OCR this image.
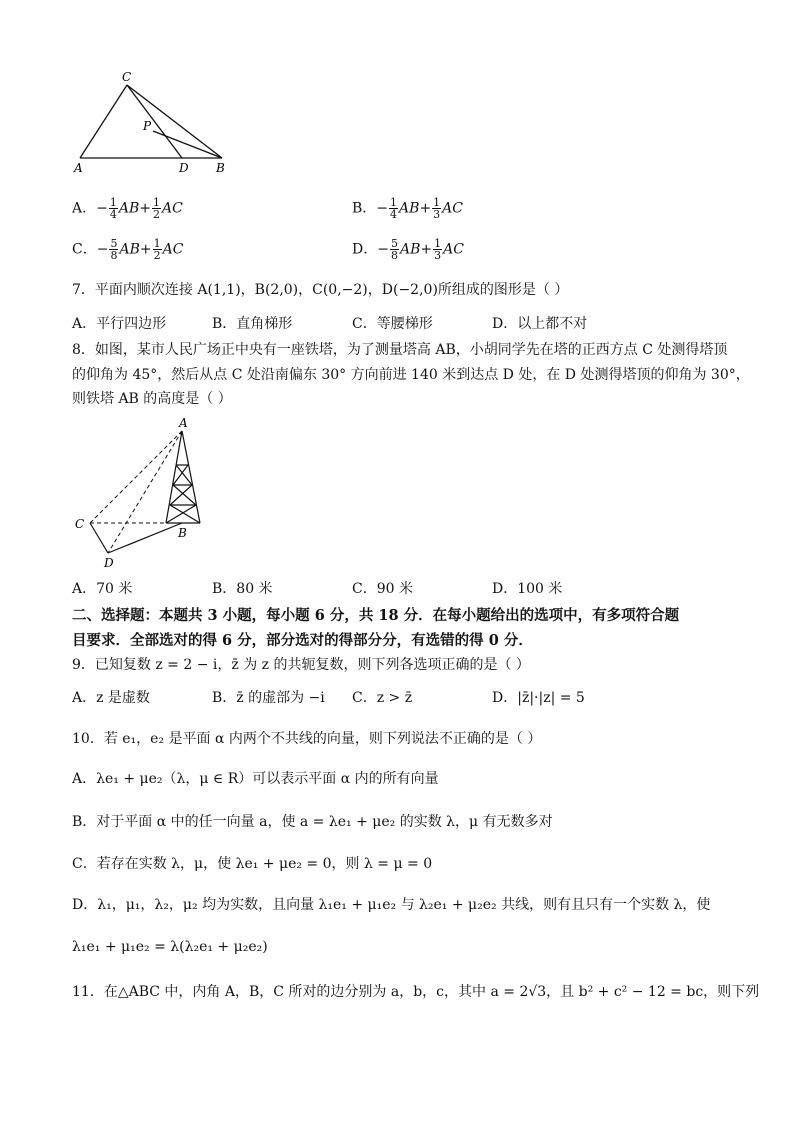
C
P
A	D B
A．− $\frac{1}{4} AB+ \frac{1}{2}$ AC	B．− $\frac{1}{4} AB+ \frac{1}{3}$ AC
C．− $\frac{5}{8} AB+ \frac{1}{2}$ AC	D．− $\frac{5}{8} AB+ \frac{1}{3}$ AC
7．平面内顺次连接 A(1,1)，B(2,0)，C(0,−2)，D(−2,0)所组成的图形是（ ）
A．平行四边形	B．直角梯形	C．等腰梯形	D．以上都不对
8．如图，某市人民广场正中央有一座铁塔，为了测量塔高 AB，小胡同学先在塔的正西方点 C 处测得塔顶
的仰角为 45°，然后从点 C 处沿南偏东 30° 方向前进 140 米到达点 D 处，在 D 处测得塔顶的仰角为 30°，
则铁塔 AB 的高度是（ ）
A
B
C
D
A．70 米	B．80 米	C．90 米	D．100 米
二、选择题：本题共 3 小题，每小题 6 分，共 18 分．在每小题给出的选项中，有多项符合题
目要求．全部选对的得 6 分，部分选对的得部分分，有选错的得 0 分．
9．已知复数 z = 2 − i，z̄ 为 z 的共轭复数，则下列各选项正确的是（ ）
A．z 是虚数	B．z̄ 的虚部为 −i C．z > z̄	D．|z̄|·|z| = 5
10．若 e₁，e₂ 是平面 α 内两个不共线的向量，则下列说法不正确的是（ ）
A．λe₁ + μe₂（λ，μ ∈ R）可以表示平面 α 内的所有向量
B．对于平面 α 中的任一向量 a，使 a = λe₁ + μe₂ 的实数 λ，μ 有无数多对
C．若存在实数 λ，μ，使 λe₁ + μe₂ = 0，则 λ = μ = 0
D．λ₁，μ₁，λ₂，μ₂ 均为实数，且向量 λ₁e₁ + μ₁e₂ 与 λ₂e₁ + μ₂e₂ 共线，则有且只有一个实数 λ，使
λ₁e₁ + μ₁e₂ = λ(λ₂e₁ + μ₂e₂)
11．在△ABC 中，内角 A，B，C 所对的边分别为 a，b，c，其中 a = 2√3，且 b² + c² − 12 = bc，则下列
